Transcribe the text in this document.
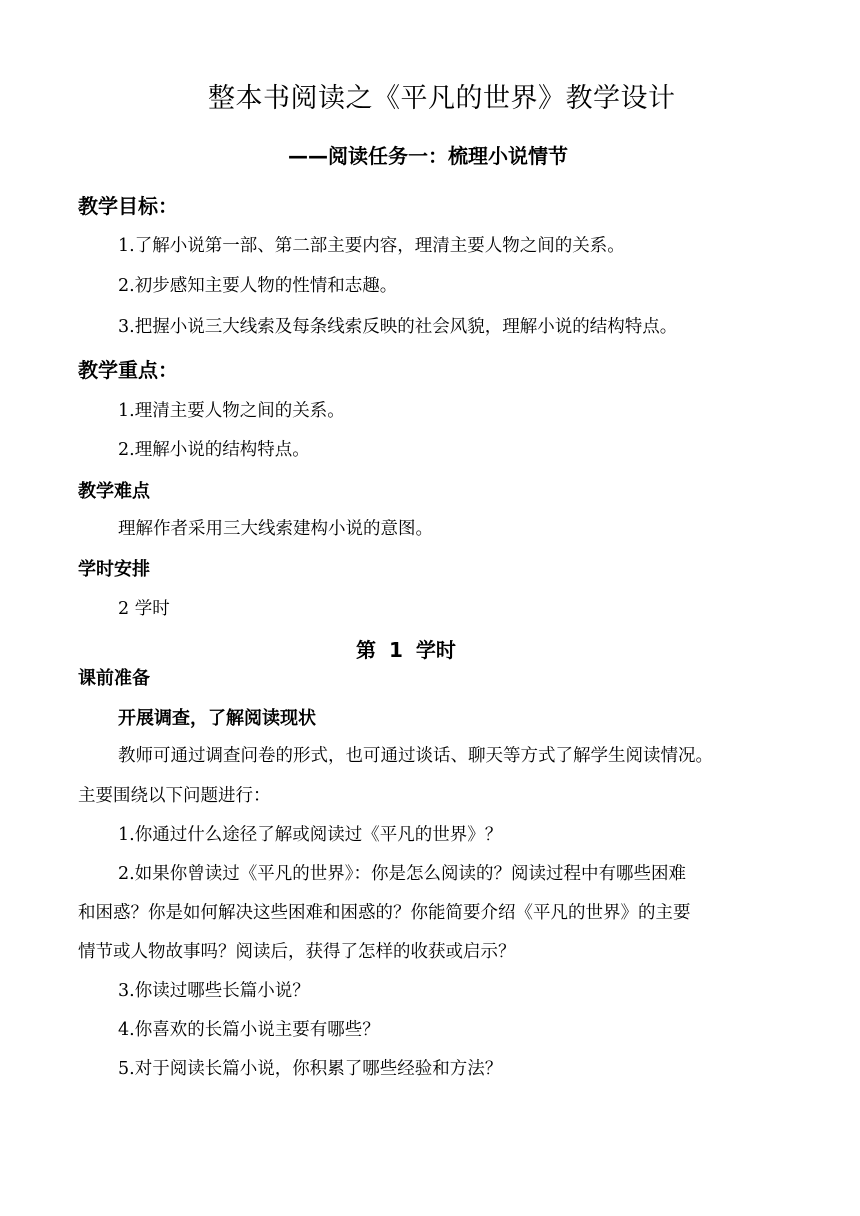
整本书阅读之《平凡的世界》教学设计
——阅读任务一：梳理小说情节
教学目标：
1.了解小说第一部、第二部主要内容，理清主要人物之间的关系。
2.初步感知主要人物的性情和志趣。
3.把握小说三大线索及每条线索反映的社会风貌，理解小说的结构特点。
教学重点：
1.理清主要人物之间的关系。
2.理解小说的结构特点。
教学难点
理解作者采用三大线索建构小说的意图。
学时安排
2 学时
第 1 学时
课前准备
开展调查，了解阅读现状
教师可通过调查问卷的形式，也可通过谈话、聊天等方式了解学生阅读情况。
主要围绕以下问题进行：
1.你通过什么途径了解或阅读过《平凡的世界》？
2.如果你曾读过《平凡的世界》：你是怎么阅读的？阅读过程中有哪些困难
和困惑？你是如何解决这些困难和困惑的？你能简要介绍《平凡的世界》的主要
情节或人物故事吗？阅读后，获得了怎样的收获或启示？
3.你读过哪些长篇小说？
4.你喜欢的长篇小说主要有哪些？
5.对于阅读长篇小说，你积累了哪些经验和方法？
